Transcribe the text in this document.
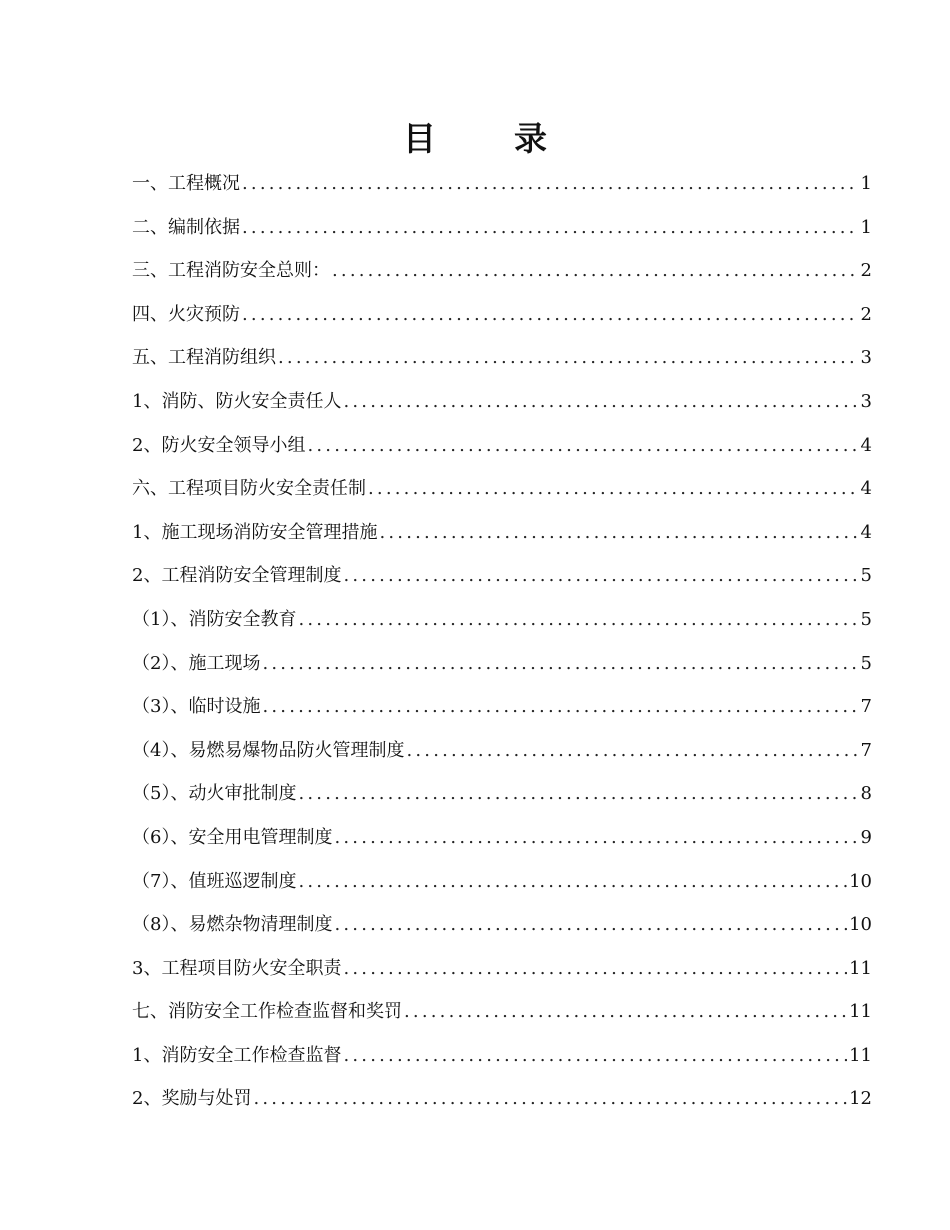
目 录
一、工程概况 .....	1
二、编制依据 .....	1
三、工程消防安全总则： .....	2
四、火灾预防 .....	2
五、工程消防组织 .....	3
1、消防、防火安全责任人 .....	3
2、防火安全领导小组 .....	4
六、工程项目防火安全责任制 .....	4
1、施工现场消防安全管理措施 .....	4
2、工程消防安全管理制度 .....	5
（1）、消防安全教育 .....	5
（2）、施工现场 .....	5
（3）、临时设施 .....	7
（4）、易燃易爆物品防火管理制度 .....	7
（5）、动火审批制度 .....	8
（6）、安全用电管理制度 .....	9
（7）、值班巡逻制度 .....	10
（8）、易燃杂物清理制度 .....	10
3、工程项目防火安全职责 .....	11
七、消防安全工作检查监督和奖罚 .....	11
1、消防安全工作检查监督 .....	11
2、奖励与处罚 .....	12
